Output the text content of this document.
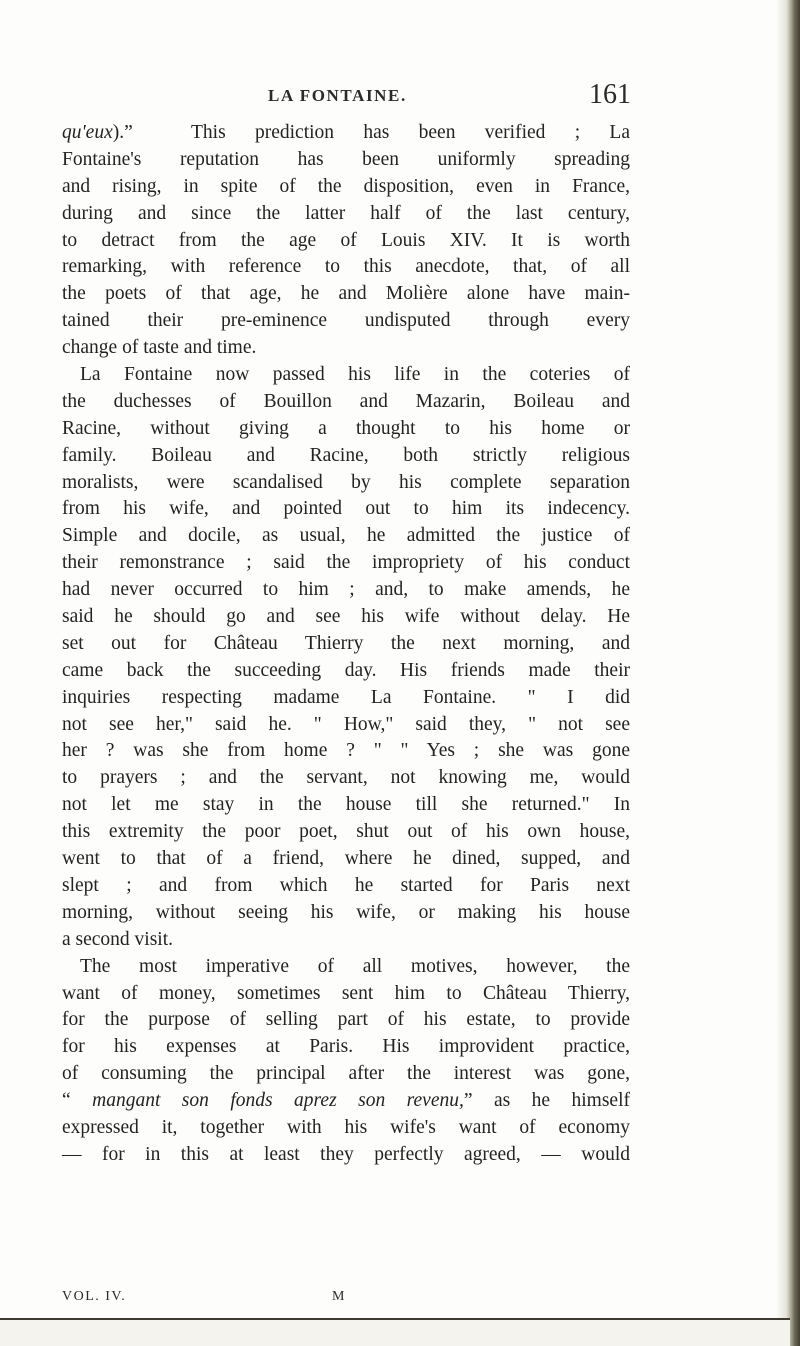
LA FONTAINE.	161
qu'eux).”  This prediction has been verified ; La
Fontaine's reputation has been uniformly spreading
and rising, in spite of the disposition, even in France,
during and since the latter half of the last century,
to detract from the age of Louis XIV. It is worth
remarking, with reference to this anecdote, that, of all
the poets of that age, he and Molière alone have main-
tained their pre-eminence undisputed through every
change of taste and time.
La Fontaine now passed his life in the coteries of
the duchesses of Bouillon and Mazarin, Boileau and
Racine, without giving a thought to his home or
family. Boileau and Racine, both strictly religious
moralists, were scandalised by his complete separation
from his wife, and pointed out to him its indecency.
Simple and docile, as usual, he admitted the justice of
their remonstrance ; said the impropriety of his conduct
had never occurred to him ; and, to make amends, he
said he should go and see his wife without delay. He
set out for Château Thierry the next morning, and
came back the succeeding day. His friends made their
inquiries respecting madame La Fontaine. " I did
not see her," said he. " How," said they, " not see
her ? was she from home ? " " Yes ; she was gone
to prayers ; and the servant, not knowing me, would
not let me stay in the house till she returned." In
this extremity the poor poet, shut out of his own house,
went to that of a friend, where he dined, supped, and
slept ; and from which he started for Paris next
morning, without seeing his wife, or making his house
a second visit.
The most imperative of all motives, however, the
want of money, sometimes sent him to Château Thierry,
for the purpose of selling part of his estate, to provide
for his expenses at Paris. His improvident practice,
of consuming the principal after the interest was gone,
“ mangant son fonds aprez son revenu,” as he himself
expressed it, together with his wife's want of economy
— for in this at least they perfectly agreed, — would
VOL. IV.	M
